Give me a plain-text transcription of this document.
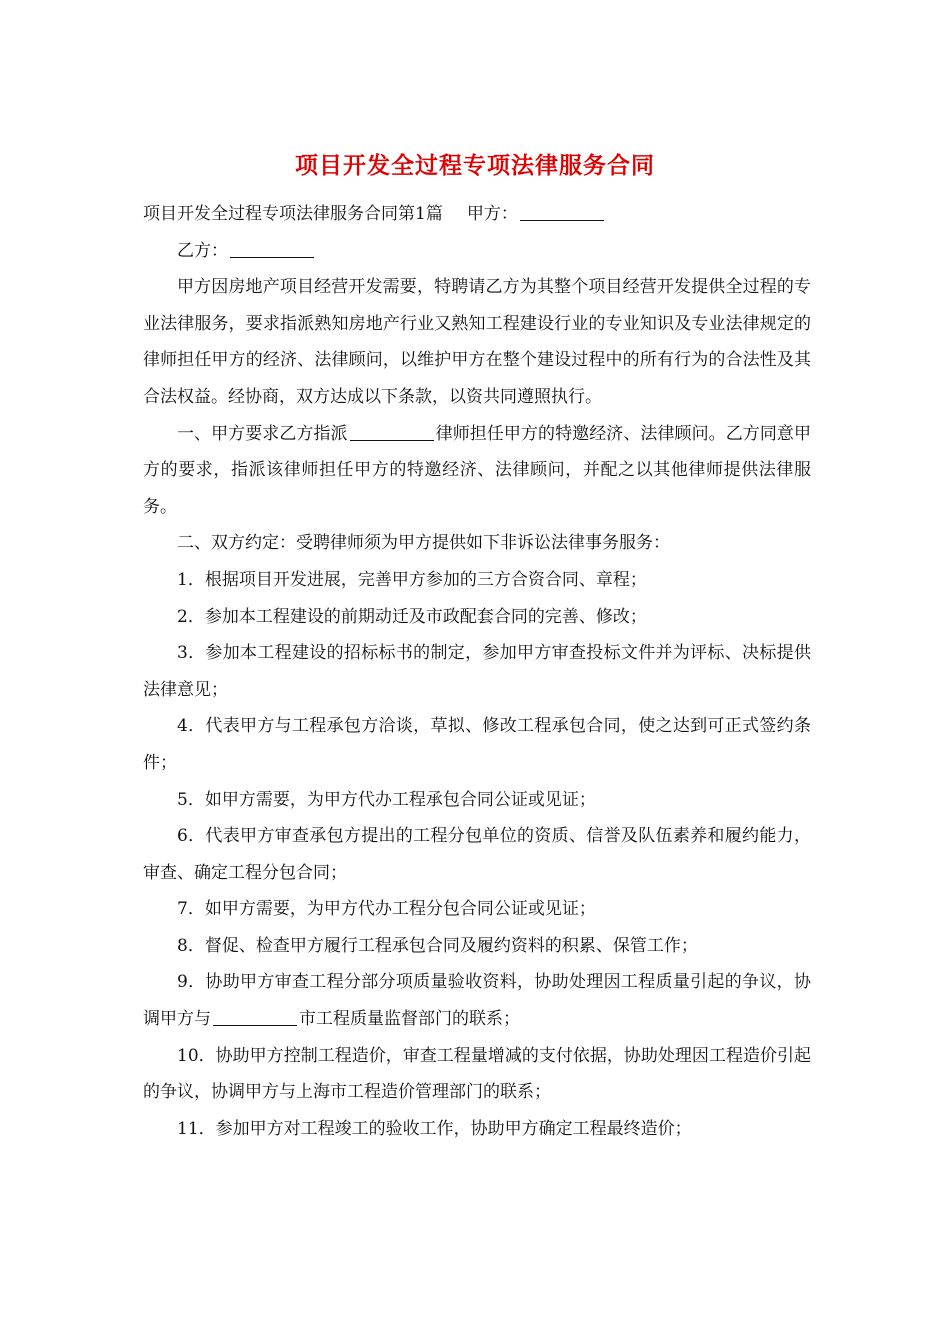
项目开发全过程专项法律服务合同

项目开发全过程专项法律服务合同第1篇 甲方：

乙方：

甲方因房地产项目经营开发需要，特聘请乙方为其整个项目经营开发提供全过程的专业法律服务，要求指派熟知房地产行业又熟知工程建设行业的专业知识及专业法律规定的律师担任甲方的经济、法律顾问，以维护甲方在整个建设过程中的所有行为的合法性及其合法权益。经协商，双方达成以下条款，以资共同遵照执行。

一、甲方要求乙方指派	律师担任甲方的特邀经济、法律顾问。乙方同意甲方的要求，指派该律师担任甲方的特邀经济、法律顾问，并配之以其他律师提供法律服务。

二、双方约定：受聘律师须为甲方提供如下非诉讼法律事务服务：

1．根据项目开发进展，完善甲方参加的三方合资合同、章程；

2．参加本工程建设的前期动迁及市政配套合同的完善、修改；

3．参加本工程建设的招标标书的制定，参加甲方审查投标文件并为评标、决标提供法律意见；

4．代表甲方与工程承包方洽谈，草拟、修改工程承包合同，使之达到可正式签约条件；

5．如甲方需要，为甲方代办工程承包合同公证或见证；

6．代表甲方审查承包方提出的工程分包单位的资质、信誉及队伍素养和履约能力，审查、确定工程分包合同；

7．如甲方需要，为甲方代办工程分包合同公证或见证；

8．督促、检查甲方履行工程承包合同及履约资料的积累、保管工作；

9．协助甲方审查工程分部分项质量验收资料，协助处理因工程质量引起的争议，协调甲方与	市工程质量监督部门的联系；

10．协助甲方控制工程造价，审查工程量增减的支付依据，协助处理因工程造价引起的争议，协调甲方与上海市工程造价管理部门的联系；

11．参加甲方对工程竣工的验收工作，协助甲方确定工程最终造价；
